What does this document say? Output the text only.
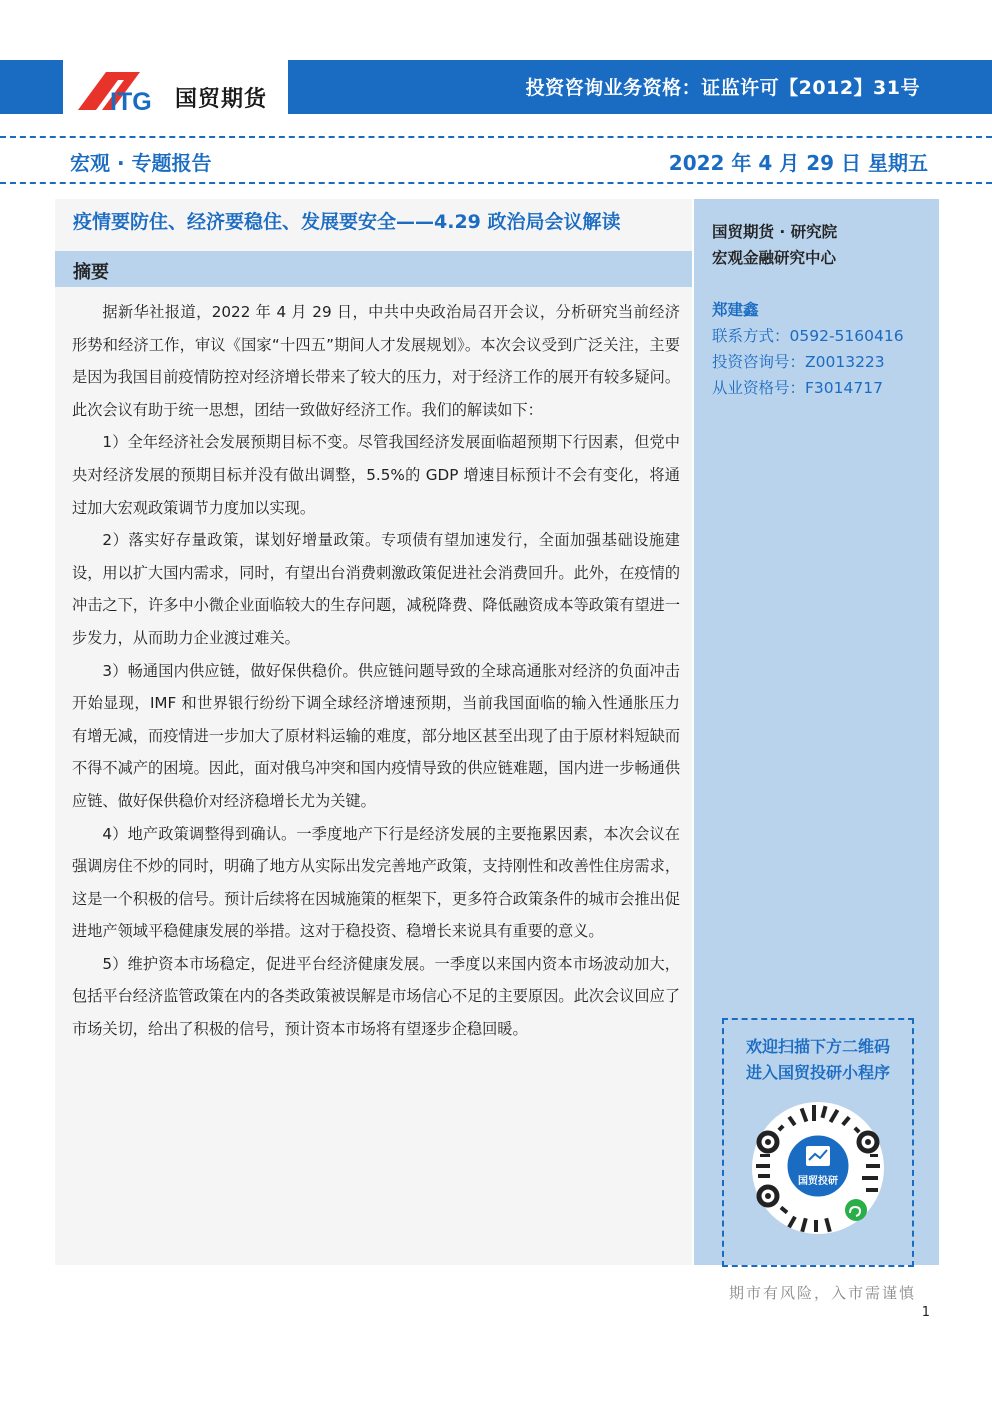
ITG 国贸期货	投资咨询业务资格：证监许可【2012】31号
宏观 · 专题报告	2022 年 4 月 29 日 星期五
疫情要防住、经济要稳住、发展要安全——4.29 政治局会议解读
摘要

据新华社报道，2022 年 4 月 29 日，中共中央政治局召开会议，分析研究当前经济形势和经济工作，审议《国家“十四五”期间人才发展规划》。本次会议受到广泛关注，主要是因为我国目前疫情防控对经济增长带来了较大的压力，对于经济工作的展开有较多疑问。此次会议有助于统一思想，团结一致做好经济工作。我们的解读如下：

1）全年经济社会发展预期目标不变。尽管我国经济发展面临超预期下行因素，但党中央对经济发展的预期目标并没有做出调整，5.5%的 GDP 增速目标预计不会有变化，将通过加大宏观政策调节力度加以实现。

2）落实好存量政策，谋划好增量政策。专项债有望加速发行，全面加强基础设施建设，用以扩大国内需求，同时，有望出台消费刺激政策促进社会消费回升。此外，在疫情的冲击之下，许多中小微企业面临较大的生存问题，减税降费、降低融资成本等政策有望进一步发力，从而助力企业渡过难关。

3）畅通国内供应链，做好保供稳价。供应链问题导致的全球高通胀对经济的负面冲击开始显现，IMF 和世界银行纷纷下调全球经济增速预期，当前我国面临的输入性通胀压力有增无减，而疫情进一步加大了原材料运输的难度，部分地区甚至出现了由于原材料短缺而不得不减产的困境。因此，面对俄乌冲突和国内疫情导致的供应链难题，国内进一步畅通供应链、做好保供稳价对经济稳增长尤为关键。

4）地产政策调整得到确认。一季度地产下行是经济发展的主要拖累因素，本次会议在强调房住不炒的同时，明确了地方从实际出发完善地产政策，支持刚性和改善性住房需求，这是一个积极的信号。预计后续将在因城施策的框架下，更多符合政策条件的城市会推出促进地产领域平稳健康发展的举措。这对于稳投资、稳增长来说具有重要的意义。

5）维护资本市场稳定，促进平台经济健康发展。一季度以来国内资本市场波动加大，包括平台经济监管政策在内的各类政策被误解是市场信心不足的主要原因。此次会议回应了市场关切，给出了积极的信号，预计资本市场将有望逐步企稳回暖。

国贸期货 · 研究院
宏观金融研究中心
郑建鑫
联系方式：0592-5160416
投资咨询号：Z0013223
从业资格号：F3014717
欢迎扫描下方二维码
进入国贸投研小程序
国贸投研
期市有风险，入市需谨慎
1
